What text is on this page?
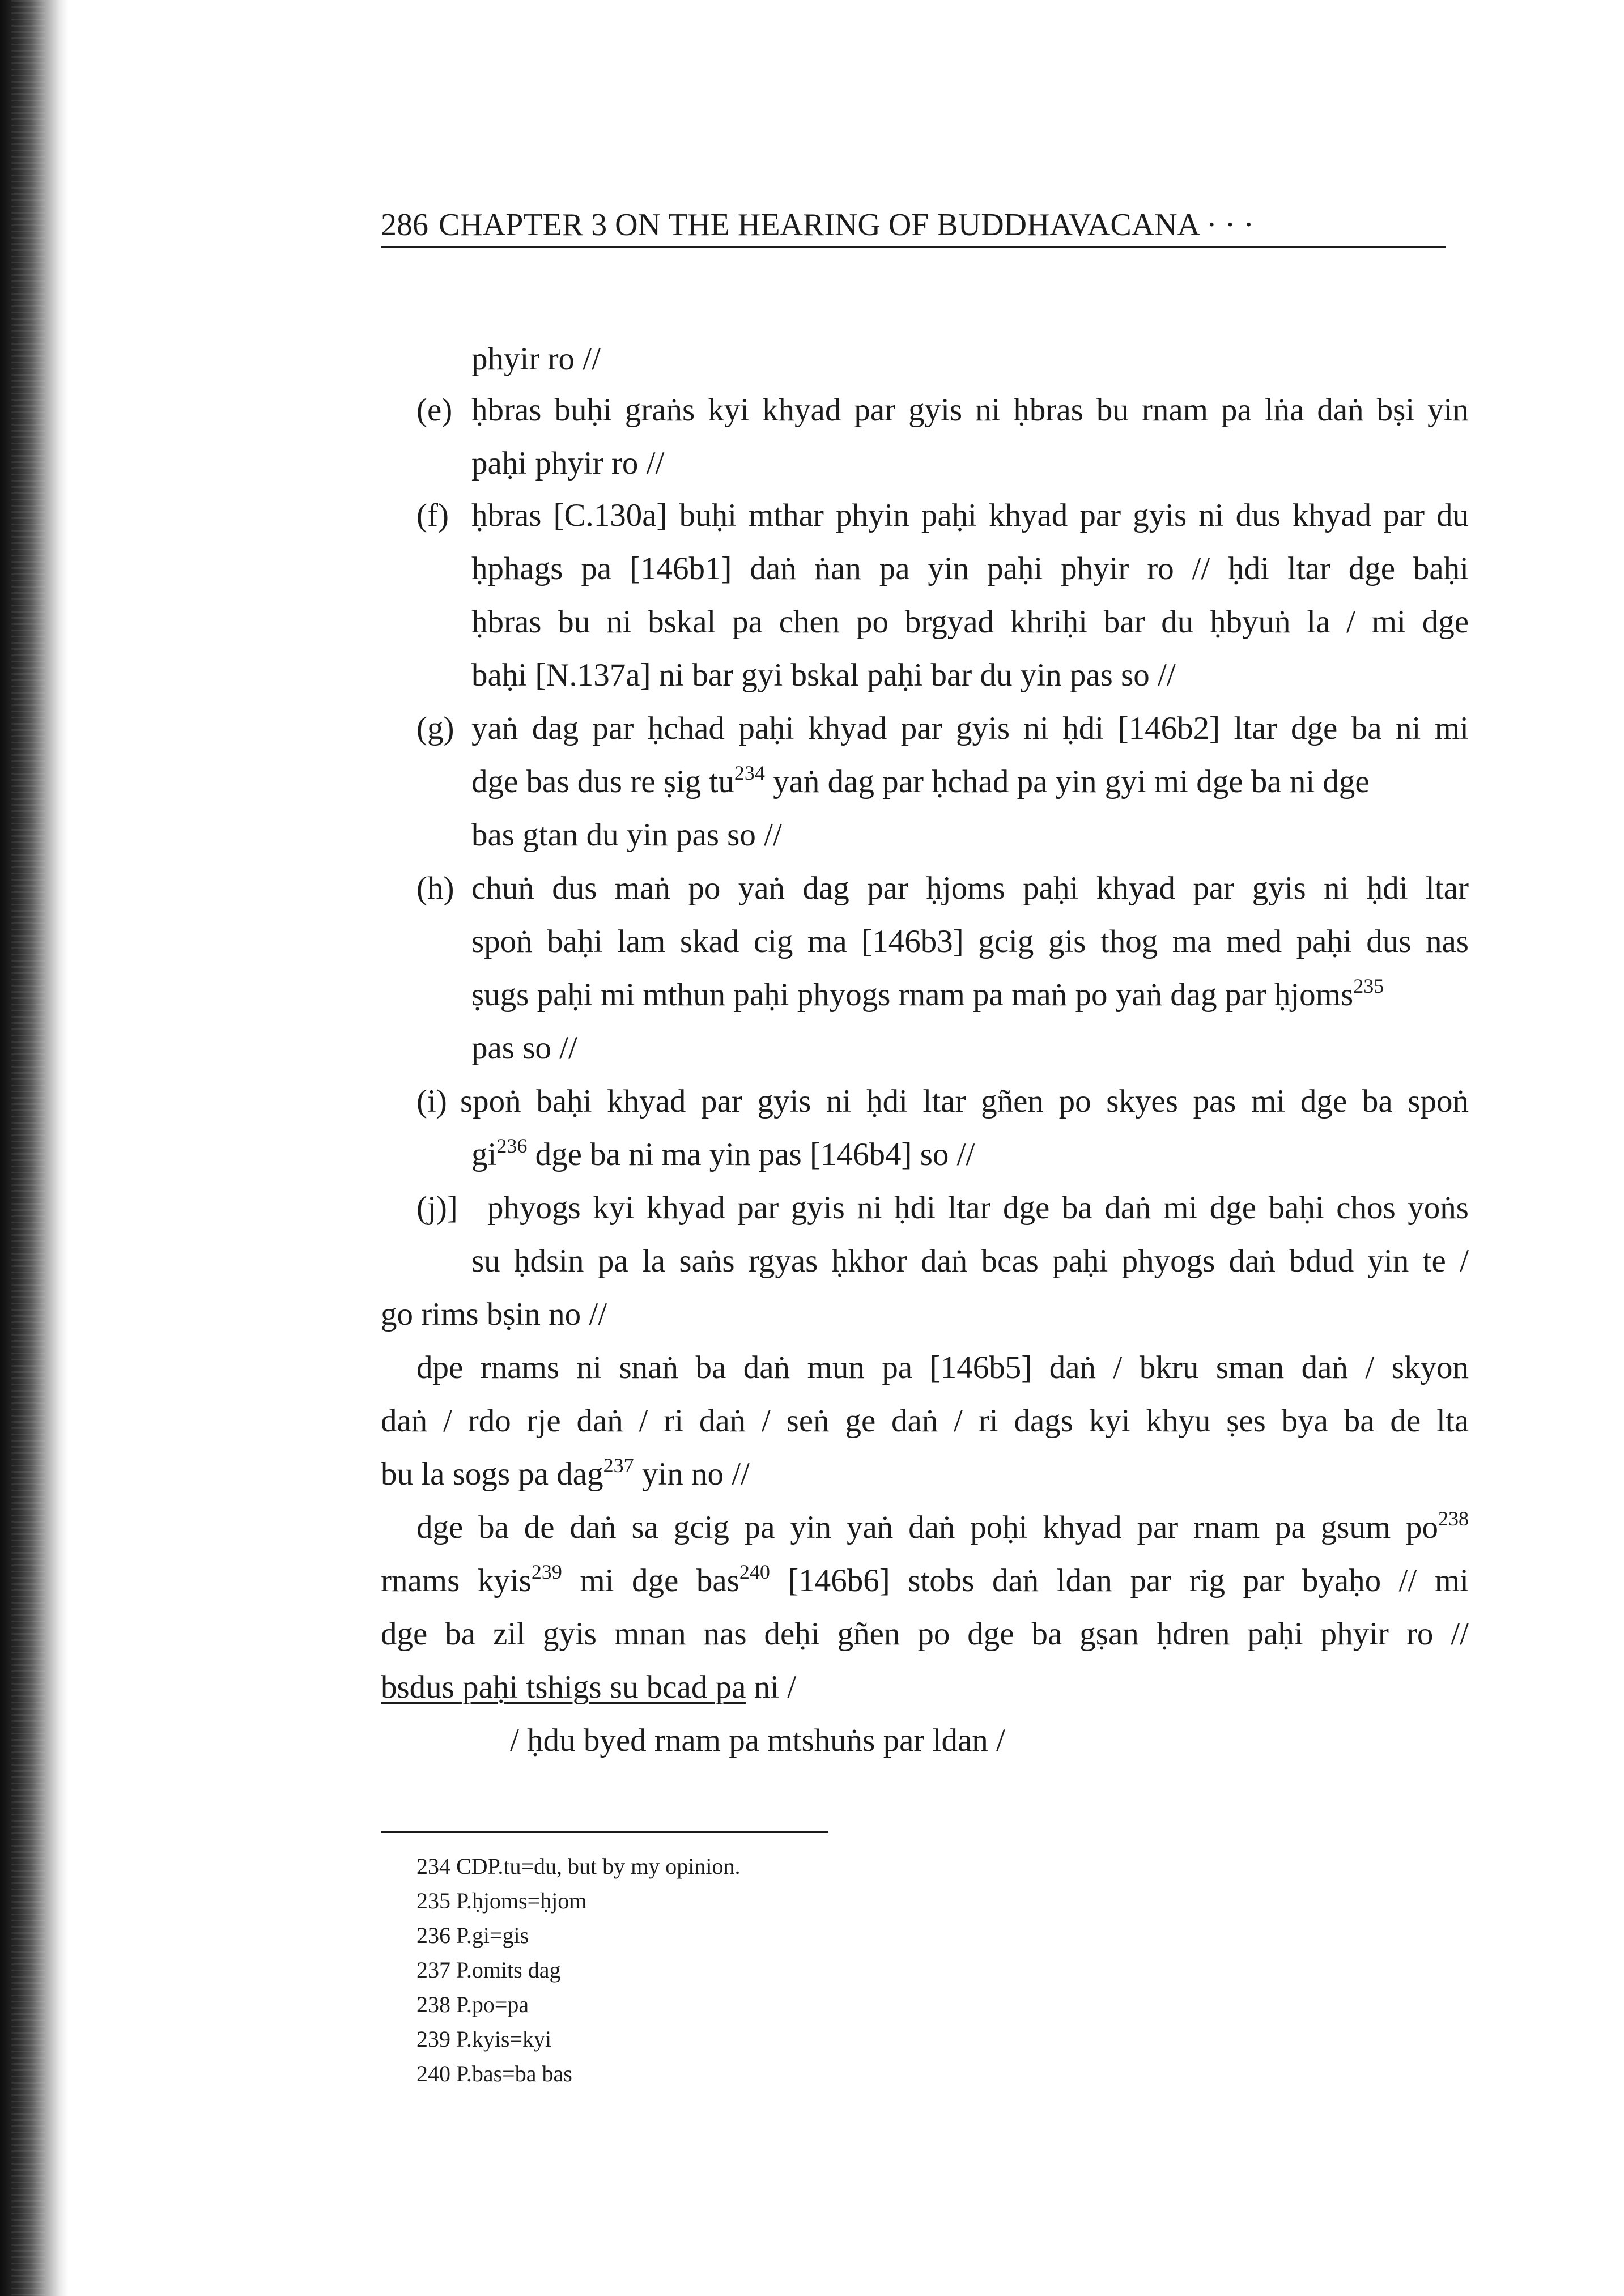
286 CHAPTER 3 ON THE HEARING OF BUDDHAVACANA · · ·
phyir ro //
(e) ḥbras buḥi graṅs kyi khyad par gyis ni ḥbras bu rnam pa lṅa daṅ bṣi yin
paḥi phyir ro //
(f) ḥbras [C.130a] buḥi mthar phyin paḥi khyad par gyis ni dus khyad par du
ḥphags pa [146b1] daṅ ṅan pa yin paḥi phyir ro // ḥdi ltar dge baḥi
ḥbras bu ni bskal pa chen po brgyad khriḥi bar du ḥbyuṅ la / mi dge
baḥi [N.137a] ni bar gyi bskal paḥi bar du yin pas so //
(g) yaṅ dag par ḥchad paḥi khyad par gyis ni ḥdi [146b2] ltar dge ba ni mi
dge bas dus re ṣig $tu^{234}$ yaṅ dag par ḥchad pa yin gyi mi dge ba ni dge
bas gtan du yin pas so //
(h) chuṅ dus maṅ po yaṅ dag par ḥjoms paḥi khyad par gyis ni ḥdi ltar
spoṅ baḥi lam skad cig ma [146b3] gcig gis thog ma med paḥi dus nas
ṣugs paḥi mi mthun paḥi phyogs rnam pa maṅ po yaṅ dag par ḥjoms$^{235}$
pas so //
(i) spoṅ baḥi khyad par gyis ni ḥdi ltar gñen po skyes pas mi dge ba spoṅ
$gi^{236}$ dge ba ni ma yin pas [146b4] so //
(j)] phyogs kyi khyad par gyis ni ḥdi ltar dge ba daṅ mi dge baḥi chos yoṅs
su ḥdsin pa la saṅs rgyas ḥkhor daṅ bcas paḥi phyogs daṅ bdud yin te /
go rims bṣin no //
dpe rnams ni snaṅ ba daṅ mun pa [146b5] daṅ / bkru sman daṅ / skyon
daṅ / rdo rje daṅ / ri daṅ / seṅ ge daṅ / ri dags kyi khyu ṣes bya ba de lta
bu la sogs pa dag$^{237}$ yin no //
dge ba de daṅ sa gcig pa yin yaṅ daṅ poḥi khyad par rnam pa gsum $po^{238}$
rnams kyis$^{239}$ mi dge bas$^{240}$ [146b6] stobs daṅ ldan par rig par byaḥo // mi
dge ba zil gyis mnan nas deḥi gñen po dge ba gṣan ḥdren paḥi phyir ro //
bsdus paḥi tshigs su bcad pa ni /
/ ḥdu byed rnam pa mtshuṅs par ldan /
234 CDP.tu=du, but by my opinion.
235 P.ḥjoms=ḥjom
236 P.gi=gis
237 P.omits dag
238 P.po=pa
239 P.kyis=kyi
240 P.bas=ba bas
